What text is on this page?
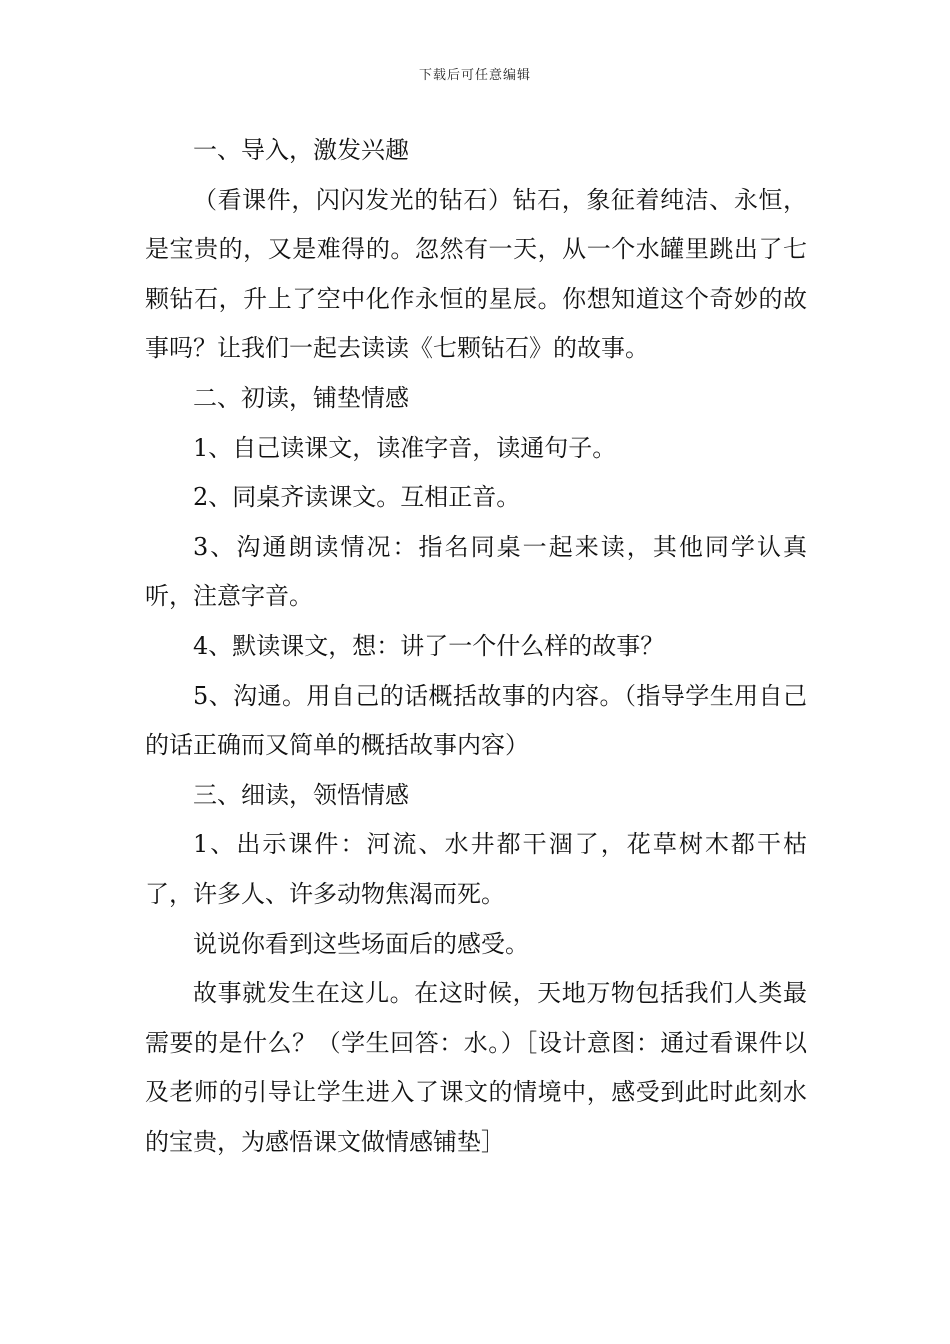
下载后可任意编辑

一、导入，激发兴趣

（看课件，闪闪发光的钻石）钻石，象征着纯洁、永恒，是宝贵的，又是难得的。忽然有一天，从一个水罐里跳出了七颗钻石，升上了空中化作永恒的星辰。你想知道这个奇妙的故事吗？让我们一起去读读《七颗钻石》的故事。

二、初读，铺垫情感

1、自己读课文，读准字音，读通句子。

2、同桌齐读课文。互相正音。

3、沟通朗读情况：指名同桌一起来读，其他同学认真听，注意字音。

4、默读课文，想：讲了一个什么样的故事？

5、沟通。用自己的话概括故事的内容。（指导学生用自己的话正确而又简单的概括故事内容）

三、细读，领悟情感

1、出示课件：河流、水井都干涸了，花草树木都干枯了，许多人、许多动物焦渴而死。

说说你看到这些场面后的感受。

故事就发生在这儿。在这时候，天地万物包括我们人类最需要的是什么？（学生回答：水。）［设计意图：通过看课件以及老师的引导让学生进入了课文的情境中，感受到此时此刻水的宝贵，为感悟课文做情感铺垫］
